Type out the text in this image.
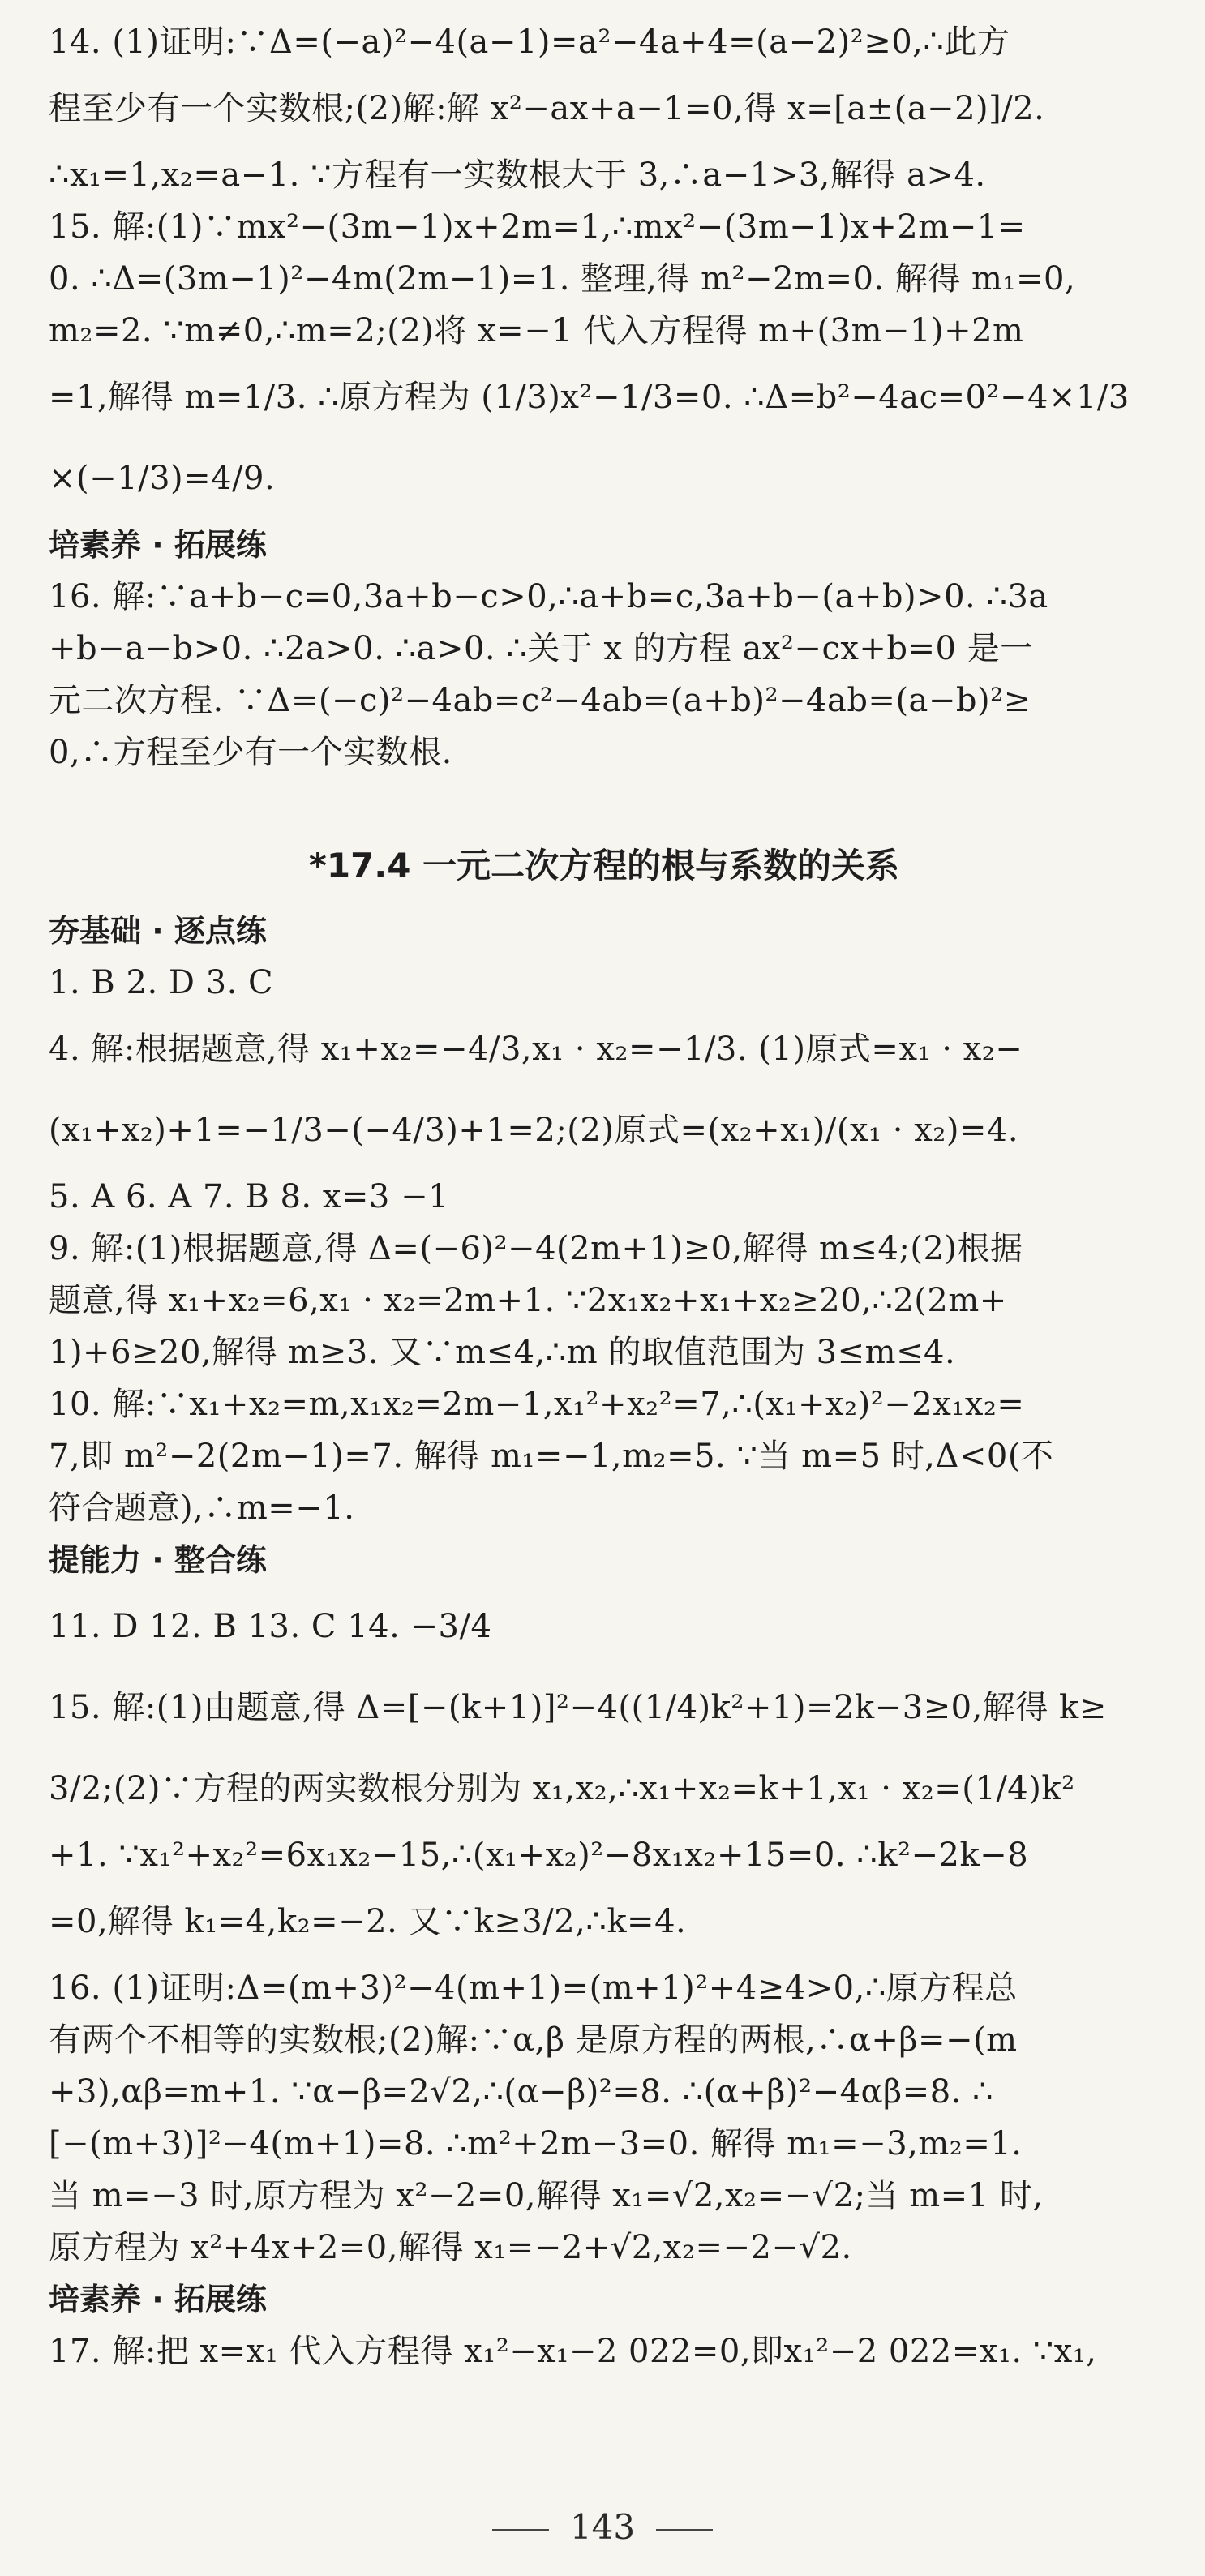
14. (1)证明:∵Δ=(−a)²−4(a−1)=a²−4a+4=(a−2)²≥0,∴此方
程至少有一个实数根;(2)解:解 x²−ax+a−1=0,得 x=[a±(a−2)]/2.
∴x₁=1,x₂=a−1. ∵方程有一实数根大于 3,∴a−1>3,解得 a>4.
15. 解:(1)∵mx²−(3m−1)x+2m=1,∴mx²−(3m−1)x+2m−1=
0. ∴Δ=(3m−1)²−4m(2m−1)=1. 整理,得 m²−2m=0. 解得 m₁=0,
m₂=2. ∵m≠0,∴m=2;(2)将 x=−1 代入方程得 m+(3m−1)+2m
=1,解得 m=1/3. ∴原方程为 (1/3)x²−1/3=0. ∴Δ=b²−4ac=0²−4×1/3
×(−1/3)=4/9.
培素养 · 拓展练
16. 解:∵a+b−c=0,3a+b−c>0,∴a+b=c,3a+b−(a+b)>0. ∴3a
+b−a−b>0. ∴2a>0. ∴a>0. ∴关于 x 的方程 ax²−cx+b=0 是一
元二次方程. ∵Δ=(−c)²−4ab=c²−4ab=(a+b)²−4ab=(a−b)²≥
0,∴方程至少有一个实数根.
*17.4 一元二次方程的根与系数的关系
夯基础 · 逐点练
1. B 2. D 3. C
4. 解:根据题意,得 x₁+x₂=−4/3,x₁ · x₂=−1/3. (1)原式=x₁ · x₂−
(x₁+x₂)+1=−1/3−(−4/3)+1=2;(2)原式=(x₂+x₁)/(x₁ · x₂)=4.
5. A 6. A 7. B 8. x=3 −1
9. 解:(1)根据题意,得 Δ=(−6)²−4(2m+1)≥0,解得 m≤4;(2)根据
题意,得 x₁+x₂=6,x₁ · x₂=2m+1. ∵2x₁x₂+x₁+x₂≥20,∴2(2m+
1)+6≥20,解得 m≥3. 又∵m≤4,∴m 的取值范围为 3≤m≤4.
10. 解:∵x₁+x₂=m,x₁x₂=2m−1,x₁²+x₂²=7,∴(x₁+x₂)²−2x₁x₂=
7,即 m²−2(2m−1)=7. 解得 m₁=−1,m₂=5. ∵当 m=5 时,Δ<0(不
符合题意),∴m=−1.
提能力 · 整合练
11. D 12. B 13. C 14. −3/4
15. 解:(1)由题意,得 Δ=[−(k+1)]²−4((1/4)k²+1)=2k−3≥0,解得 k≥
3/2;(2)∵方程的两实数根分别为 x₁,x₂,∴x₁+x₂=k+1,x₁ · x₂=(1/4)k²
+1. ∵x₁²+x₂²=6x₁x₂−15,∴(x₁+x₂)²−8x₁x₂+15=0. ∴k²−2k−8
=0,解得 k₁=4,k₂=−2. 又∵k≥3/2,∴k=4.
16. (1)证明:Δ=(m+3)²−4(m+1)=(m+1)²+4≥4>0,∴原方程总
有两个不相等的实数根;(2)解:∵α,β 是原方程的两根,∴α+β=−(m
+3),αβ=m+1. ∵α−β=2√2,∴(α−β)²=8. ∴(α+β)²−4αβ=8. ∴
[−(m+3)]²−4(m+1)=8. ∴m²+2m−3=0. 解得 m₁=−3,m₂=1.
当 m=−3 时,原方程为 x²−2=0,解得 x₁=√2,x₂=−√2;当 m=1 时,
原方程为 x²+4x+2=0,解得 x₁=−2+√2,x₂=−2−√2.
培素养 · 拓展练
17. 解:把 x=x₁ 代入方程得 x₁²−x₁−2 022=0,即x₁²−2 022=x₁. ∵x₁,
143
